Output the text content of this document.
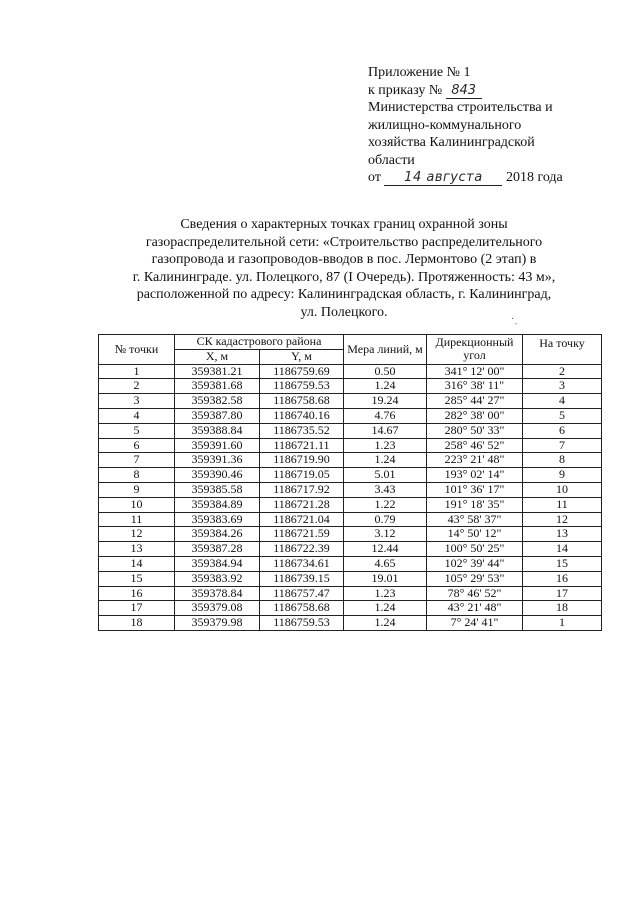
Приложение № 1
к приказу № 843
Министерства строительства и
жилищно-коммунального
хозяйства Калининградской
области
от 14 августа 2018 года
Сведения о характерных точках границ охранной зоны
газораспределительной сети: «Строительство распределительного
газопровода и газопроводов-вводов в пос. Лермонтово (2 этап) в
г. Калининграде. ул. Полецкого, 87 (I Очередь). Протяженность: 43 м»,
расположенной по адресу: Калининградская область, г. Калининград,
ул. Полецкого.	·ˎ
№ точки	СК кадастрового района		Мера линий, м	Дирекционный угол	На точку
	Х, м	Y, м			
1	359381.21	1186759.69	0.50	341° 12' 00"	2
2	359381.68	1186759.53	1.24	316° 38' 11"	3
3	359382.58	1186758.68	19.24	285° 44' 27"	4
4	359387.80	1186740.16	4.76	282° 38' 00"	5
5	359388.84	1186735.52	14.67	280° 50' 33"	6
6	359391.60	1186721.11	1.23	258° 46' 52"	7
7	359391.36	1186719.90	1.24	223° 21' 48"	8
8	359390.46	1186719.05	5.01	193° 02' 14"	9
9	359385.58	1186717.92	3.43	101° 36' 17"	10
10	359384.89	1186721.28	1.22	191° 18' 35"	11
11	359383.69	1186721.04	0.79	43° 58' 37"	12
12	359384.26	1186721.59	3.12	14° 50' 12"	13
13	359387.28	1186722.39	12.44	100° 50' 25"	14
14	359384.94	1186734.61	4.65	102° 39' 44"	15
15	359383.92	1186739.15	19.01	105° 29' 53"	16
16	359378.84	1186757.47	1.23	78° 46' 52"	17
17	359379.08	1186758.68	1.24	43° 21' 48"	18
18	359379.98	1186759.53	1.24	7° 24' 41"	1
